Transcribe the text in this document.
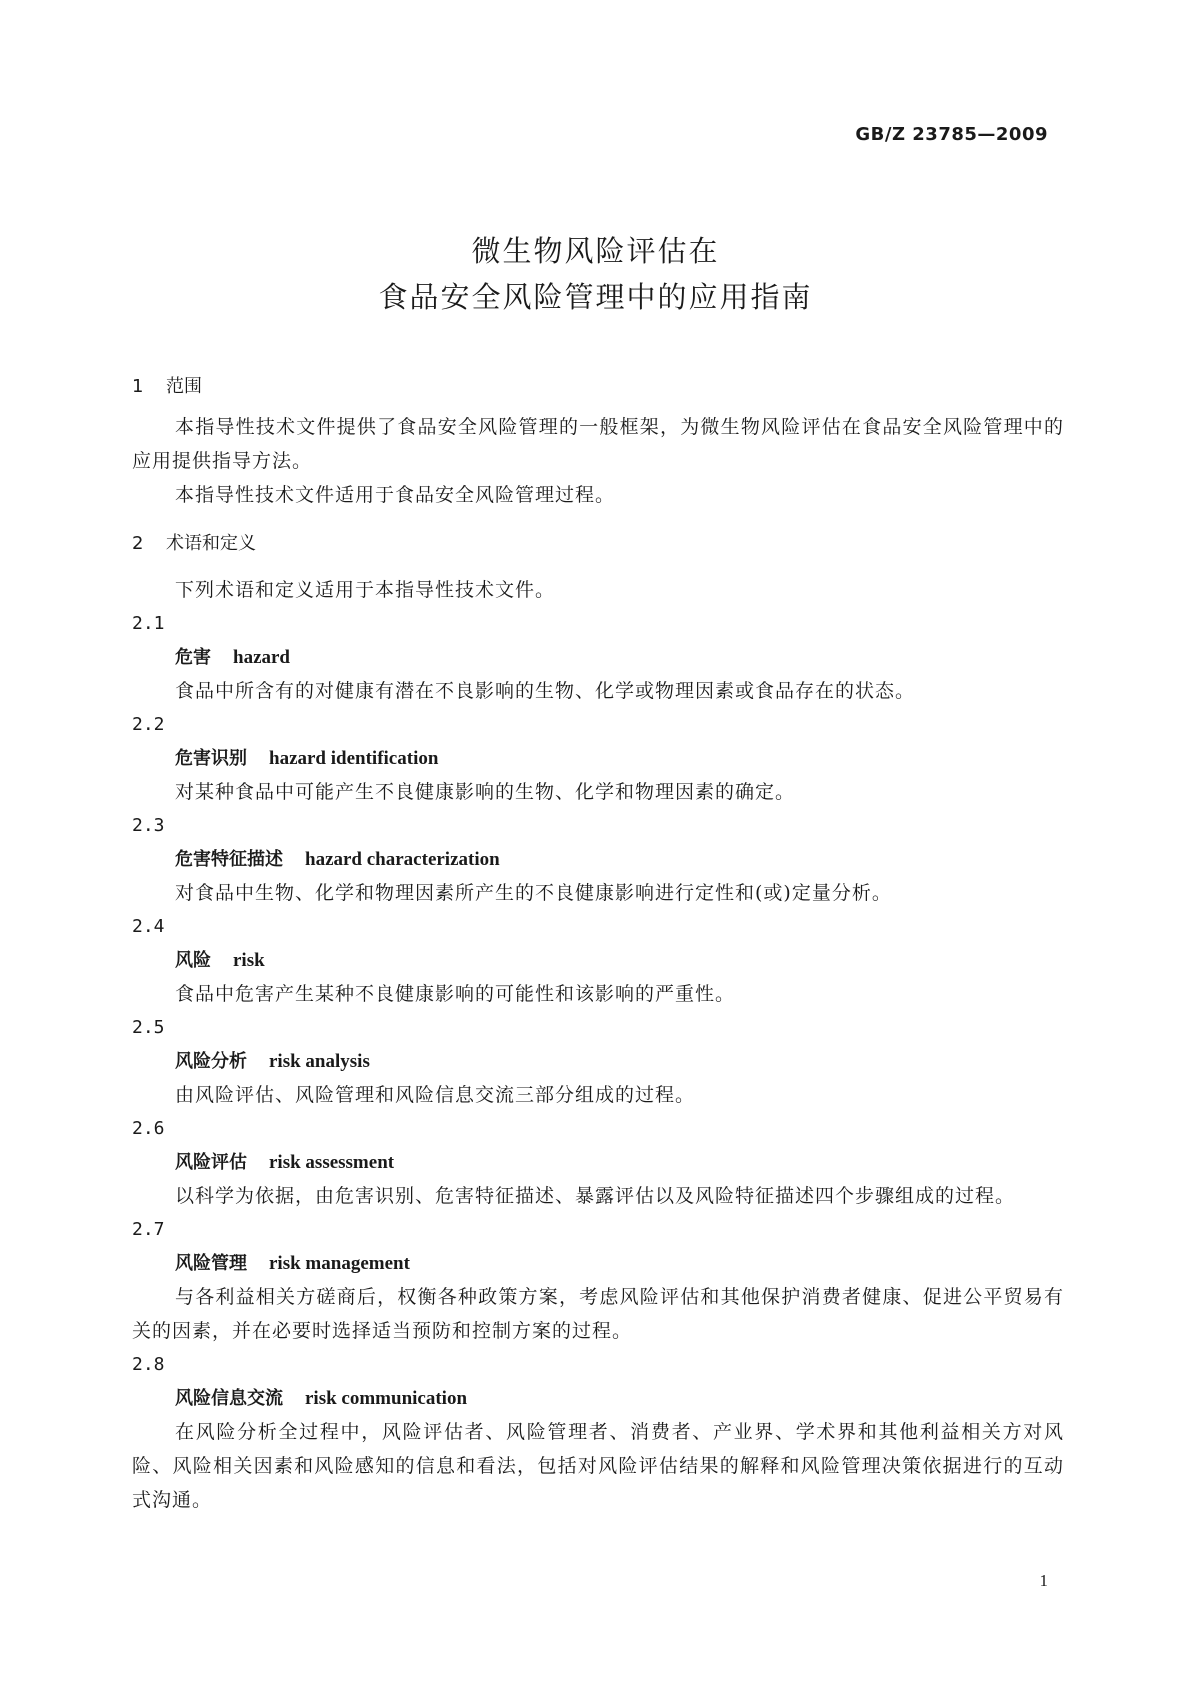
GB/Z 23785—2009
微生物风险评估在
食品安全风险管理中的应用指南
1 范围

本指导性技术文件提供了食品安全风险管理的一般框架，为微生物风险评估在食品安全风险管理中的应用提供指导方法。

本指导性技术文件适用于食品安全风险管理过程。

2 术语和定义

下列术语和定义适用于本指导性技术文件。

2.1
危害 hazard

食品中所含有的对健康有潜在不良影响的生物、化学或物理因素或食品存在的状态。

2.2
危害识别 hazard identification

对某种食品中可能产生不良健康影响的生物、化学和物理因素的确定。

2.3
危害特征描述 hazard characterization

对食品中生物、化学和物理因素所产生的不良健康影响进行定性和(或)定量分析。

2.4
风险 risk

食品中危害产生某种不良健康影响的可能性和该影响的严重性。

2.5
风险分析 risk analysis

由风险评估、风险管理和风险信息交流三部分组成的过程。

2.6
风险评估 risk assessment

以科学为依据，由危害识别、危害特征描述、暴露评估以及风险特征描述四个步骤组成的过程。

2.7
风险管理 risk management

与各利益相关方磋商后，权衡各种政策方案，考虑风险评估和其他保护消费者健康、促进公平贸易有关的因素，并在必要时选择适当预防和控制方案的过程。

2.8
风险信息交流 risk communication

在风险分析全过程中，风险评估者、风险管理者、消费者、产业界、学术界和其他利益相关方对风险、风险相关因素和风险感知的信息和看法，包括对风险评估结果的解释和风险管理决策依据进行的互动式沟通。

1
